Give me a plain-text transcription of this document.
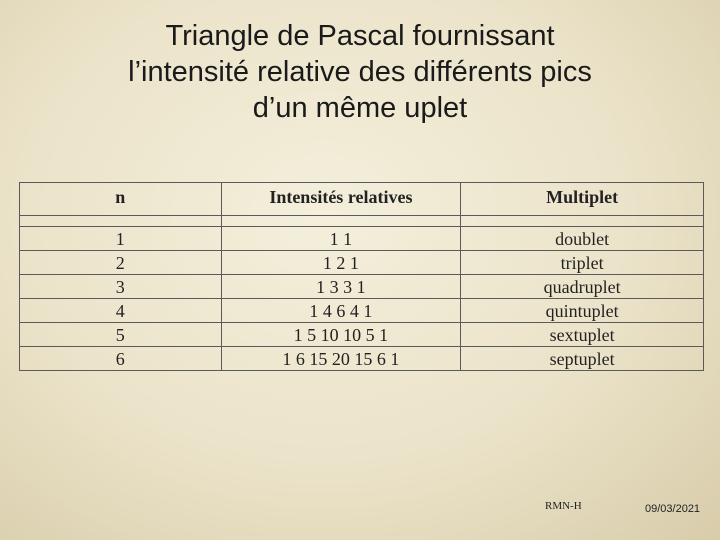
Triangle de Pascal fournissant
l’intensité relative des différents pics
d’un même uplet
n	Intensités relatives	Multiplet

1	1 1	doublet
2	1 2 1	triplet
3	1 3 3 1	quadruplet
4	1 4 6 4 1	quintuplet
5	1 5 10 10 5 1	sextuplet
6	1 6 15 20 15 6 1	septuplet
RMN-H	09/03/2021
